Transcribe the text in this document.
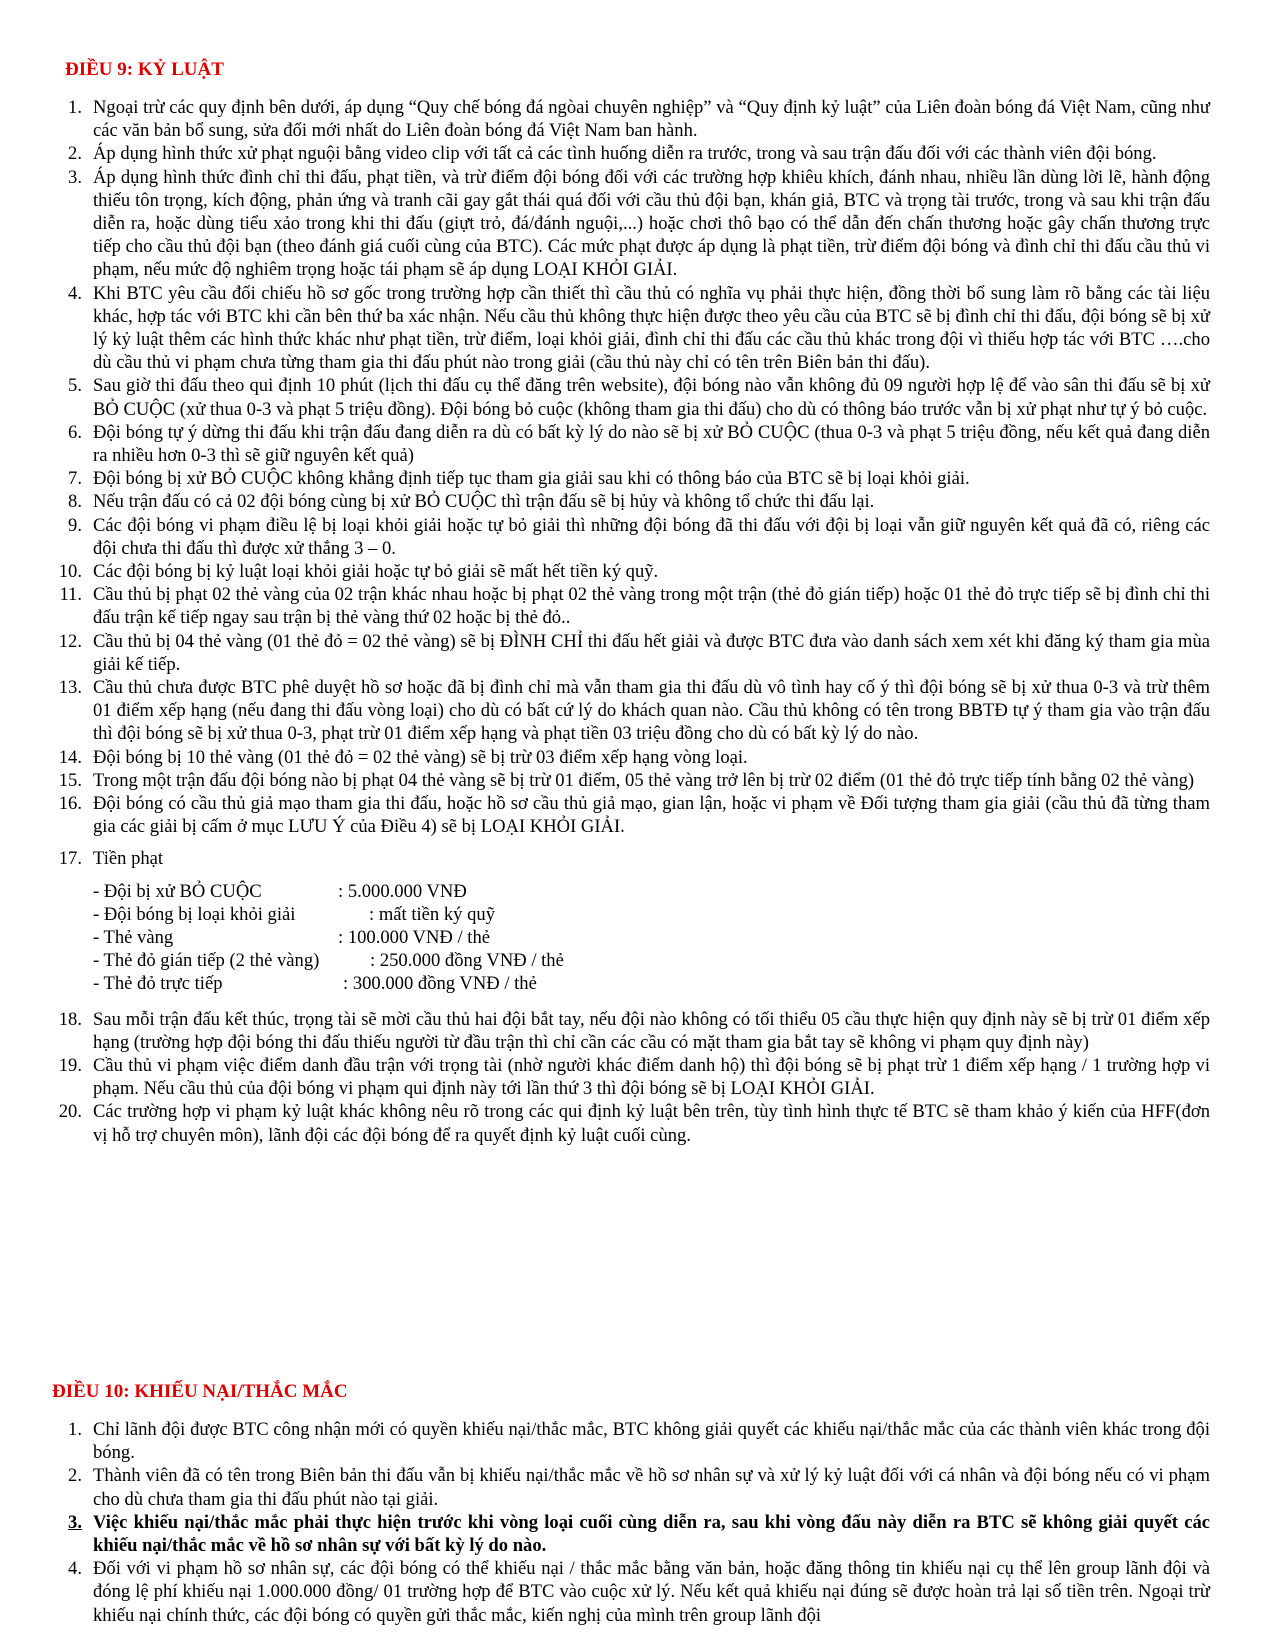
ĐIỀU 9: KỶ LUẬT
1. Ngoại trừ các quy định bên dưới, áp dụng “Quy chế bóng đá ngòai chuyên nghiệp” và “Quy định kỷ luật” của Liên đoàn bóng đá Việt Nam, cũng như các văn bản bổ sung, sửa đổi mới nhất do Liên đoàn bóng đá Việt Nam ban hành.
2. Áp dụng hình thức xử phạt nguội bằng video clip với tất cả các tình huống diễn ra trước, trong và sau trận đấu đối với các thành viên đội bóng.
3. Áp dụng hình thức đình chỉ thi đấu, phạt tiền, và trừ điểm đội bóng đối với các trường hợp khiêu khích, đánh nhau, nhiều lần dùng lời lẽ, hành động thiếu tôn trọng, kích động, phản ứng và tranh cãi gay gắt thái quá đối với cầu thủ đội bạn, khán giả, BTC và trọng tài trước, trong và sau khi trận đấu diễn ra, hoặc dùng tiểu xảo trong khi thi đấu (giựt trỏ, đá/đánh nguội,...) hoặc chơi thô bạo có thể dẫn đến chấn thương hoặc gây chấn thương trực tiếp cho cầu thủ đội bạn (theo đánh giá cuối cùng của BTC). Các mức phạt được áp dụng là phạt tiền, trừ điểm đội bóng và đình chỉ thi đấu cầu thủ vi phạm, nếu mức độ nghiêm trọng hoặc tái phạm sẽ áp dụng LOẠI KHỎI GIẢI.
4. Khi BTC yêu cầu đối chiếu hồ sơ gốc trong trường hợp cần thiết thì cầu thủ có nghĩa vụ phải thực hiện, đồng thời bổ sung làm rõ bằng các tài liệu khác, hợp tác với BTC khi cần bên thứ ba xác nhận. Nếu cầu thủ không thực hiện được theo yêu cầu của BTC sẽ bị đình chỉ thi đấu, đội bóng sẽ bị xử lý kỷ luật thêm các hình thức khác như phạt tiền, trừ điểm, loại khỏi giải, đình chỉ thi đấu các cầu thủ khác trong đội vì thiếu hợp tác với BTC ….cho dù cầu thủ vi phạm chưa từng tham gia thi đấu phút nào trong giải (cầu thủ này chỉ có tên trên Biên bản thi đấu).
5. Sau giờ thi đấu theo qui định 10 phút (lịch thi đấu cụ thể đăng trên website), đội bóng nào vẫn không đủ 09 người hợp lệ để vào sân thi đấu sẽ bị xử BỎ CUỘC (xử thua 0-3 và phạt 5 triệu đồng). Đội bóng bỏ cuộc (không tham gia thi đấu) cho dù có thông báo trước vẫn bị xử phạt như tự ý bỏ cuộc.
6. Đội bóng tự ý dừng thi đấu khi trận đấu đang diễn ra dù có bất kỳ lý do nào sẽ bị xử BỎ CUỘC (thua 0-3 và phạt 5 triệu đồng, nếu kết quả đang diễn ra nhiều hơn 0-3 thì sẽ giữ nguyên kết quả)
7. Đội bóng bị xử BỎ CUỘC không khẳng định tiếp tục tham gia giải sau khi có thông báo của BTC sẽ bị loại khỏi giải.
8. Nếu trận đấu có cả 02 đội bóng cùng bị xử BỎ CUỘC thì trận đấu sẽ bị hủy và không tổ chức thi đấu lại.
9. Các đội bóng vi phạm điều lệ bị loại khỏi giải hoặc tự bỏ giải thì những đội bóng đã thi đấu với đội bị loại vẫn giữ nguyên kết quả đã có, riêng các đội chưa thi đấu thì được xử thắng 3 – 0.
10. Các đội bóng bị kỷ luật loại khỏi giải hoặc tự bỏ giải sẽ mất hết tiền ký quỹ.
11. Cầu thủ bị phạt 02 thẻ vàng của 02 trận khác nhau hoặc bị phạt 02 thẻ vàng trong một trận (thẻ đỏ gián tiếp) hoặc 01 thẻ đỏ trực tiếp sẽ bị đình chỉ thi đấu trận kế tiếp ngay sau trận bị thẻ vàng thứ 02 hoặc bị thẻ đỏ..
12. Cầu thủ bị 04 thẻ vàng (01 thẻ đỏ = 02 thẻ vàng) sẽ bị ĐÌNH CHỈ thi đấu hết giải và được BTC đưa vào danh sách xem xét khi đăng ký tham gia mùa giải kế tiếp.
13. Cầu thủ chưa được BTC phê duyệt hồ sơ hoặc đã bị đình chỉ mà vẫn tham gia thi đấu dù vô tình hay cố ý thì đội bóng sẽ bị xử thua 0-3 và trừ thêm 01 điểm xếp hạng (nếu đang thi đấu vòng loại) cho dù có bất cứ lý do khách quan nào. Cầu thủ không có tên trong BBTĐ tự ý tham gia vào trận đấu thì đội bóng sẽ bị xử thua 0-3, phạt trừ 01 điểm xếp hạng và phạt tiền 03 triệu đồng cho dù có bất kỳ lý do nào.
14. Đội bóng bị 10 thẻ vàng (01 thẻ đỏ = 02 thẻ vàng) sẽ bị trừ 03 điểm xếp hạng vòng loại.
15. Trong một trận đấu đội bóng nào bị phạt 04 thẻ vàng sẽ bị trừ 01 điểm, 05 thẻ vàng trở lên bị trừ 02 điểm (01 thẻ đỏ trực tiếp tính bằng 02 thẻ vàng)
16. Đội bóng có cầu thủ giả mạo tham gia thi đấu, hoặc hồ sơ cầu thủ giả mạo, gian lận, hoặc vi phạm về Đối tượng tham gia giải (cầu thủ đã từng tham gia các giải bị cấm ở mục LƯU Ý của Điều 4) sẽ bị LOẠI KHỎI GIẢI.
17. Tiền phạt
- Đội bị xử BỎ CUỘC	: 5.000.000 VNĐ
- Đội bóng bị loại khỏi giải	: mất tiền ký quỹ
- Thẻ vàng	: 100.000 VNĐ / thẻ
- Thẻ đỏ gián tiếp (2 thẻ vàng)	: 250.000 đồng VNĐ / thẻ
- Thẻ đỏ trực tiếp	: 300.000 đồng VNĐ / thẻ
18. Sau mỗi trận đấu kết thúc, trọng tài sẽ mời cầu thủ hai đội bắt tay, nếu đội nào không có tối thiểu 05 cầu thực hiện quy định này sẽ bị trừ 01 điểm xếp hạng (trường hợp đội bóng thi đấu thiếu người từ đầu trận thì chỉ cần các cầu có mặt tham gia bắt tay sẽ không vi phạm quy định này)
19. Cầu thủ vi phạm việc điểm danh đầu trận với trọng tài (nhờ người khác điểm danh hộ) thì đội bóng sẽ bị phạt trừ 1 điểm xếp hạng / 1 trường hợp vi phạm. Nếu cầu thủ của đội bóng vi phạm qui định này tới lần thứ 3 thì đội bóng sẽ bị LOẠI KHỎI GIẢI.
20. Các trường hợp vi phạm kỷ luật khác không nêu rõ trong các qui định kỷ luật bên trên, tùy tình hình thực tế BTC sẽ tham khảo ý kiến của HFF(đơn vị hỗ trợ chuyên môn), lãnh đội các đội bóng để ra quyết định kỷ luật cuối cùng.
ĐIỀU 10: KHIẾU NẠI/THẮC MẮC
1. Chỉ lãnh đội được BTC công nhận mới có quyền khiếu nại/thắc mắc, BTC không giải quyết các khiếu nại/thắc mắc của các thành viên khác trong đội bóng.
2. Thành viên đã có tên trong Biên bản thi đấu vẫn bị khiếu nại/thắc mắc về hồ sơ nhân sự và xử lý kỷ luật đối với cá nhân và đội bóng nếu có vi phạm cho dù chưa tham gia thi đấu phút nào tại giải.
3. Việc khiếu nại/thắc mắc phải thực hiện trước khi vòng loại cuối cùng diễn ra, sau khi vòng đấu này diễn ra BTC sẽ không giải quyết các khiếu nại/thắc mắc về hồ sơ nhân sự với bất kỳ lý do nào.
4. Đối với vi phạm hồ sơ nhân sự, các đội bóng có thể khiếu nại / thắc mắc bằng văn bản, hoặc đăng thông tin khiếu nại cụ thể lên group lãnh đội và đóng lệ phí khiếu nại 1.000.000 đồng/ 01 trường hợp để BTC vào cuộc xử lý. Nếu kết quả khiếu nại đúng sẽ được hoàn trả lại số tiền trên. Ngoại trừ khiếu nại chính thức, các đội bóng có quyền gửi thắc mắc, kiến nghị của mình trên group lãnh đội
